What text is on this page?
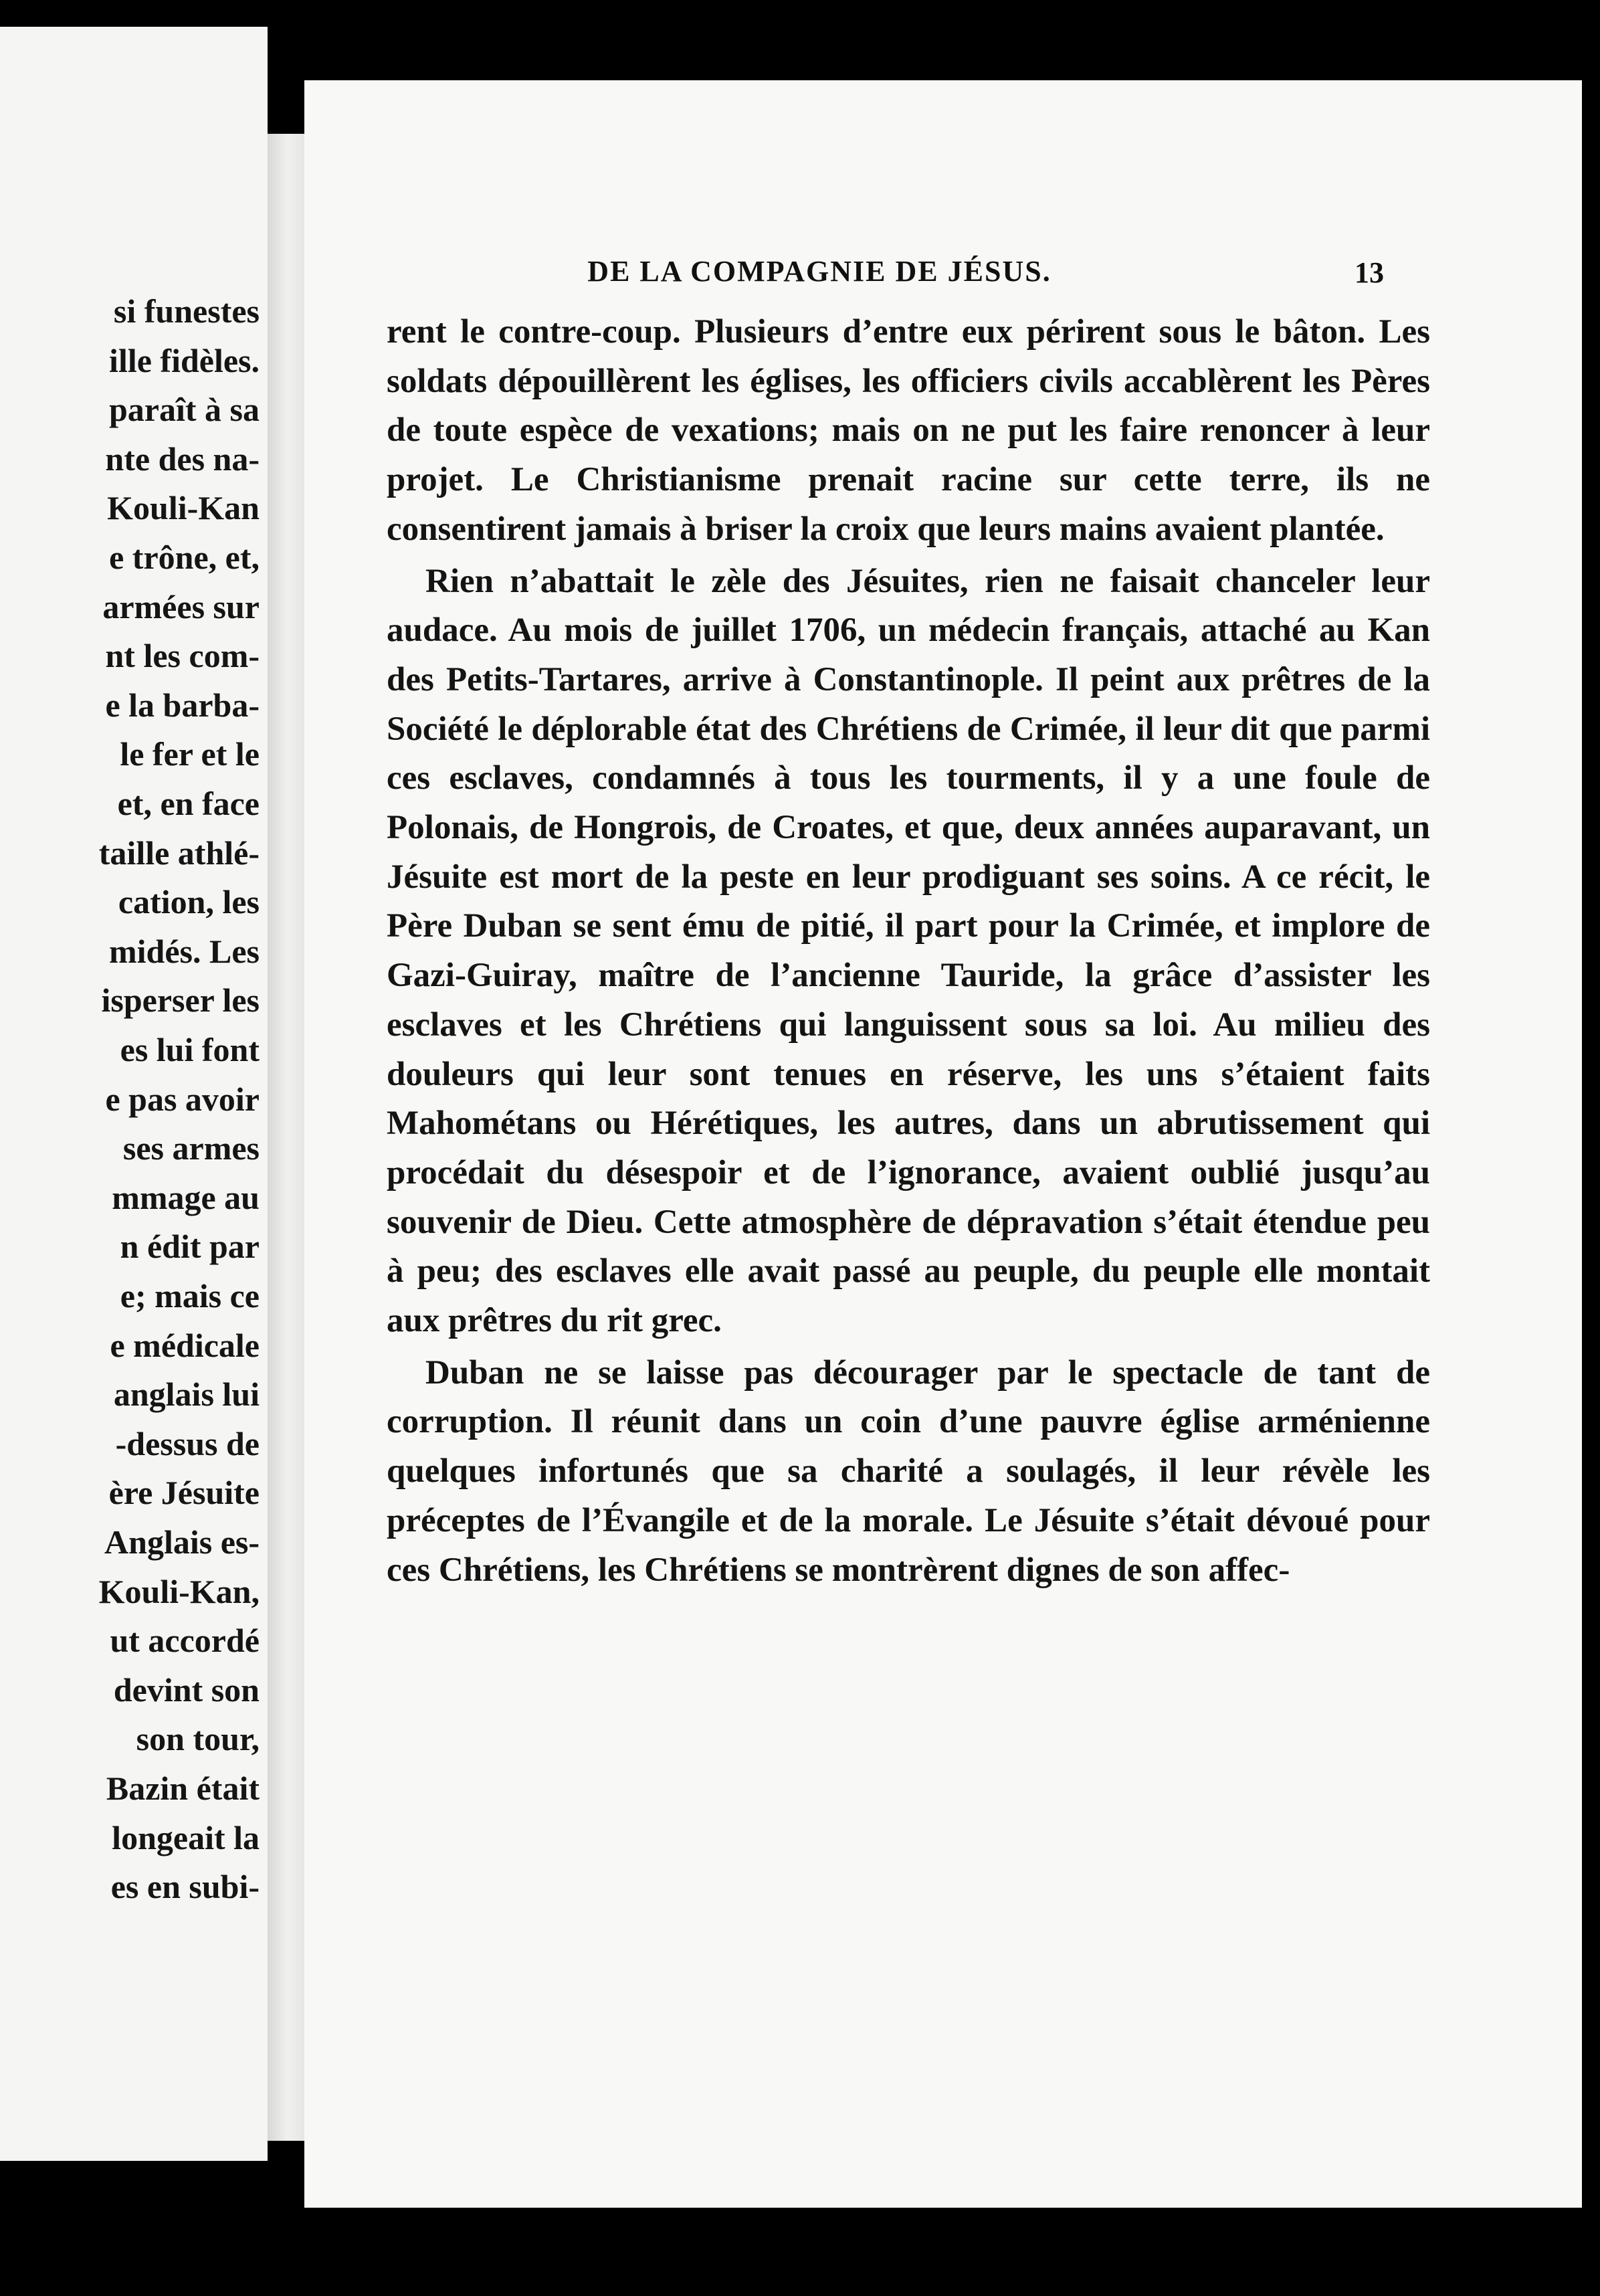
si funestes
ille fidèles.
paraît à sa
nte des na-
Kouli-Kan
e trône, et,
armées sur
nt les com-
e la barba-
le fer et le
et, en face
taille athlé-
cation, les
midés. Les
isperser les
es lui font
e pas avoir
ses armes
mmage au
n édit par
e; mais ce
e médicale
anglais lui
-dessus de
ère Jésuite
Anglais es-
Kouli-Kan,
ut accordé
devint son
son tour,
Bazin était
longeait la
es en subi-
DE LA COMPAGNIE DE JÉSUS.	13

rent le contre-coup. Plusieurs d’entre eux périrent sous le bâton. Les soldats dépouillèrent les églises, les officiers civils accablèrent les Pères de toute espèce de vexations; mais on ne put les faire renoncer à leur projet. Le Christianisme prenait racine sur cette terre, ils ne consentirent jamais à briser la croix que leurs mains avaient plantée.

Rien n’abattait le zèle des Jésuites, rien ne faisait chanceler leur audace. Au mois de juillet 1706, un médecin français, attaché au Kan des Petits-Tartares, arrive à Constantinople. Il peint aux prêtres de la Société le déplorable état des Chrétiens de Crimée, il leur dit que parmi ces esclaves, condamnés à tous les tourments, il y a une foule de Polonais, de Hongrois, de Croates, et que, deux années auparavant, un Jésuite est mort de la peste en leur prodiguant ses soins. A ce récit, le Père Duban se sent ému de pitié, il part pour la Crimée, et implore de Gazi-Guiray, maître de l’ancienne Tauride, la grâce d’assister les esclaves et les Chrétiens qui languissent sous sa loi. Au milieu des douleurs qui leur sont tenues en réserve, les uns s’étaient faits Mahométans ou Hérétiques, les autres, dans un abrutissement qui procédait du désespoir et de l’ignorance, avaient oublié jusqu’au souvenir de Dieu. Cette atmosphère de dépravation s’était étendue peu à peu; des esclaves elle avait passé au peuple, du peuple elle montait aux prêtres du rit grec.

Duban ne se laisse pas décourager par le spectacle de tant de corruption. Il réunit dans un coin d’une pauvre église arménienne quelques infortunés que sa charité a soulagés, il leur révèle les préceptes de l’Évangile et de la morale. Le Jésuite s’était dévoué pour ces Chrétiens, les Chrétiens se montrèrent dignes de son affec-
